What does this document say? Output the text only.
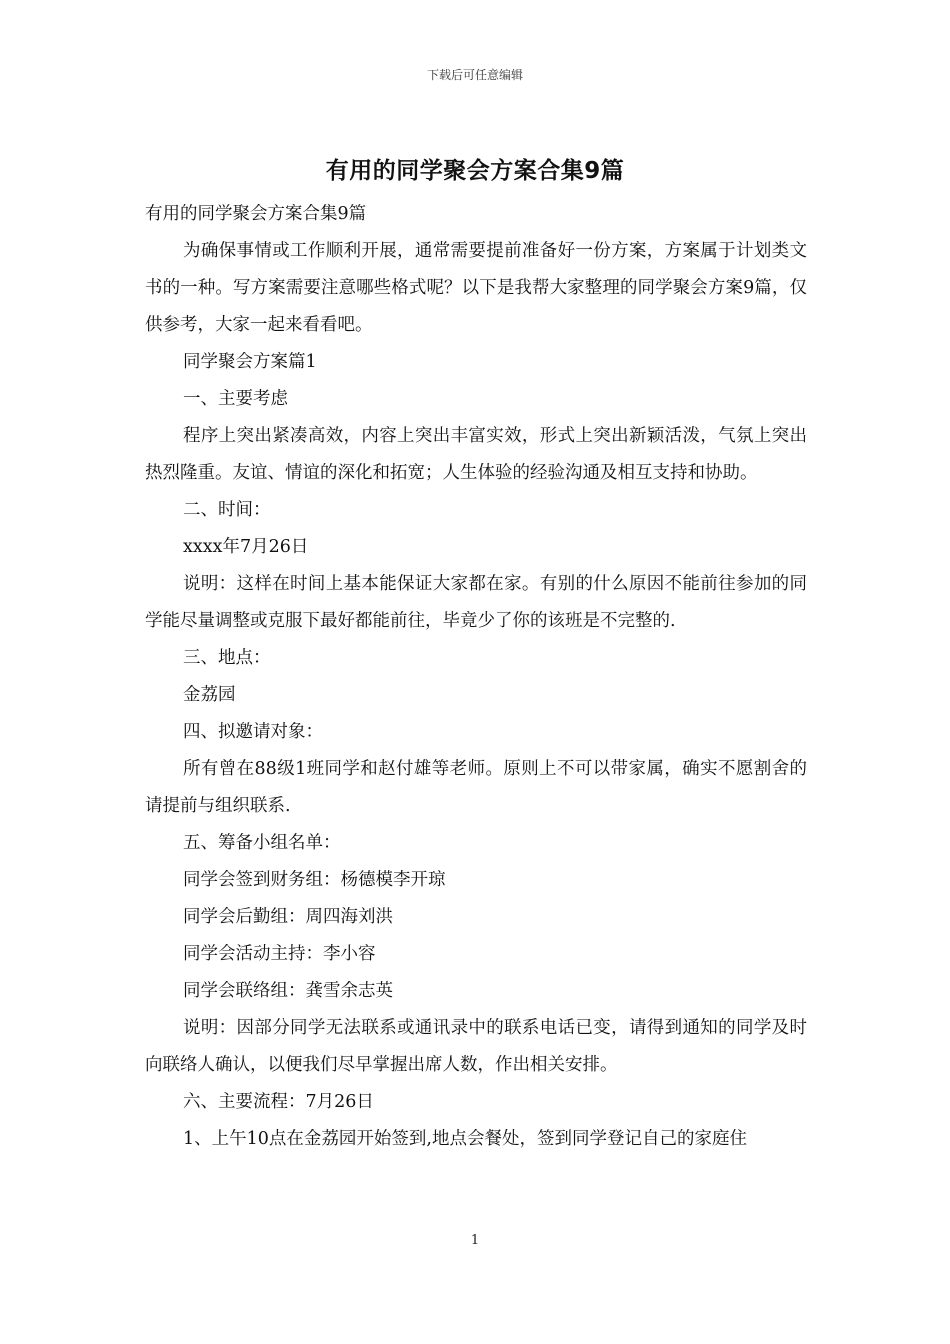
下载后可任意编辑
有用的同学聚会方案合集9篇

有用的同学聚会方案合集9篇

为确保事情或工作顺利开展，通常需要提前准备好一份方案，方案属于计划类文书的一种。写方案需要注意哪些格式呢？以下是我帮大家整理的同学聚会方案9篇，仅供参考，大家一起来看看吧。

同学聚会方案篇1

一、主要考虑

程序上突出紧凑高效，内容上突出丰富实效，形式上突出新颖活泼，气氛上突出热烈隆重。友谊、情谊的深化和拓宽；人生体验的经验沟通及相互支持和协助。

二、时间：

xxxx年7月26日

说明：这样在时间上基本能保证大家都在家。有别的什么原因不能前往参加的同学能尽量调整或克服下最好都能前往，毕竟少了你的该班是不完整的.

三、地点：

金荔园

四、拟邀请对象：

所有曾在88级1班同学和赵付雄等老师。原则上不可以带家属，确实不愿割舍的请提前与组织联系.

五、筹备小组名单：

同学会签到财务组：杨德模李开琼

同学会后勤组：周四海刘洪

同学会活动主持：李小容

同学会联络组：龚雪余志英

说明：因部分同学无法联系或通讯录中的联系电话已变，请得到通知的同学及时向联络人确认，以便我们尽早掌握出席人数，作出相关安排。

六、主要流程：7月26日

1、上午10点在金荔园开始签到,地点会餐处，签到同学登记自己的家庭住

1
